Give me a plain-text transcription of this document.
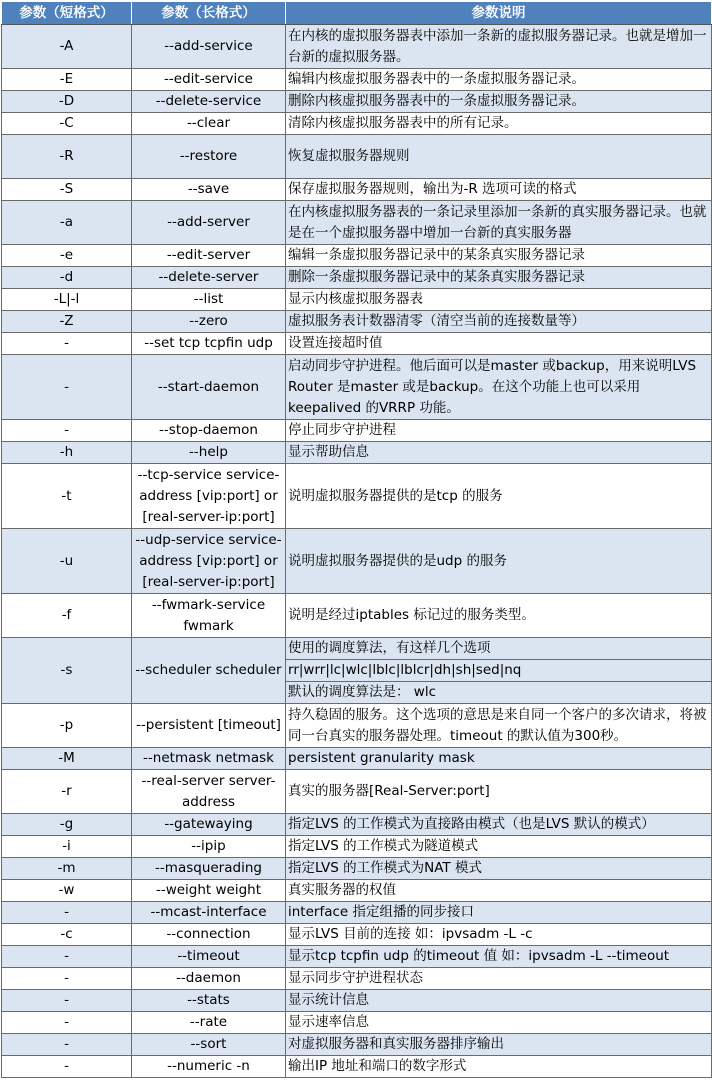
参数（短格式）	参数（长格式）	参数说明
-A	--add-service	在内核的虚拟服务器表中添加一条新的虚拟服务器记录。也就是增加一台新的虚拟服务器。
-E	--edit-service	编辑内核虚拟服务器表中的一条虚拟服务器记录。
-D	--delete-service	删除内核虚拟服务器表中的一条虚拟服务器记录。
-C	--clear	清除内核虚拟服务器表中的所有记录。
-R	--restore	恢复虚拟服务器规则
-S	--save	保存虚拟服务器规则，输出为-R 选项可读的格式
-a	--add-server	在内核虚拟服务器表的一条记录里添加一条新的真实服务器记录。也就是在一个虚拟服务器中增加一台新的真实服务器
-e	--edit-server	编辑一条虚拟服务器记录中的某条真实服务器记录
-d	--delete-server	删除一条虚拟服务器记录中的某条真实服务器记录
-L|-l	--list	显示内核虚拟服务器表
-Z	--zero	虚拟服务表计数器清零（清空当前的连接数量等）
-	--set tcp tcpfin udp	设置连接超时值
-	--start-daemon	启动同步守护进程。他后面可以是master 或backup，用来说明LVS Router 是master 或是backup。在这个功能上也可以采用keepalived 的VRRP 功能。
-	--stop-daemon	停止同步守护进程
-h	--help	显示帮助信息
-t	--tcp-service service-address [vip:port] or [real-server-ip:port]	说明虚拟服务器提供的是tcp 的服务
-u	--udp-service service-address [vip:port] or [real-server-ip:port]	说明虚拟服务器提供的是udp 的服务
-f	--fwmark-service fwmark	说明是经过iptables 标记过的服务类型。
-s	--scheduler scheduler	使用的调度算法，有这样几个选项
		rr|wrr|lc|wlc|lblc|lblcr|dh|sh|sed|nq
		默认的调度算法是： wlc
-p	--persistent [timeout]	持久稳固的服务。这个选项的意思是来自同一个客户的多次请求，将被同一台真实的服务器处理。timeout 的默认值为300秒。
-M	--netmask netmask	persistent granularity mask
-r	--real-server server-address	真实的服务器[Real-Server:port]
-g	--gatewaying	指定LVS 的工作模式为直接路由模式（也是LVS 默认的模式）
-i	--ipip	指定LVS 的工作模式为隧道模式
-m	--masquerading	指定LVS 的工作模式为NAT 模式
-w	--weight weight	真实服务器的权值
-	--mcast-interface	interface 指定组播的同步接口
-c	--connection	显示LVS 目前的连接 如：ipvsadm -L -c
-	--timeout	显示tcp tcpfin udp 的timeout 值 如：ipvsadm -L --timeout
-	--daemon	显示同步守护进程状态
-	--stats	显示统计信息
-	--rate	显示速率信息
-	--sort	对虚拟服务器和真实服务器排序输出
-	--numeric -n	输出IP 地址和端口的数字形式
